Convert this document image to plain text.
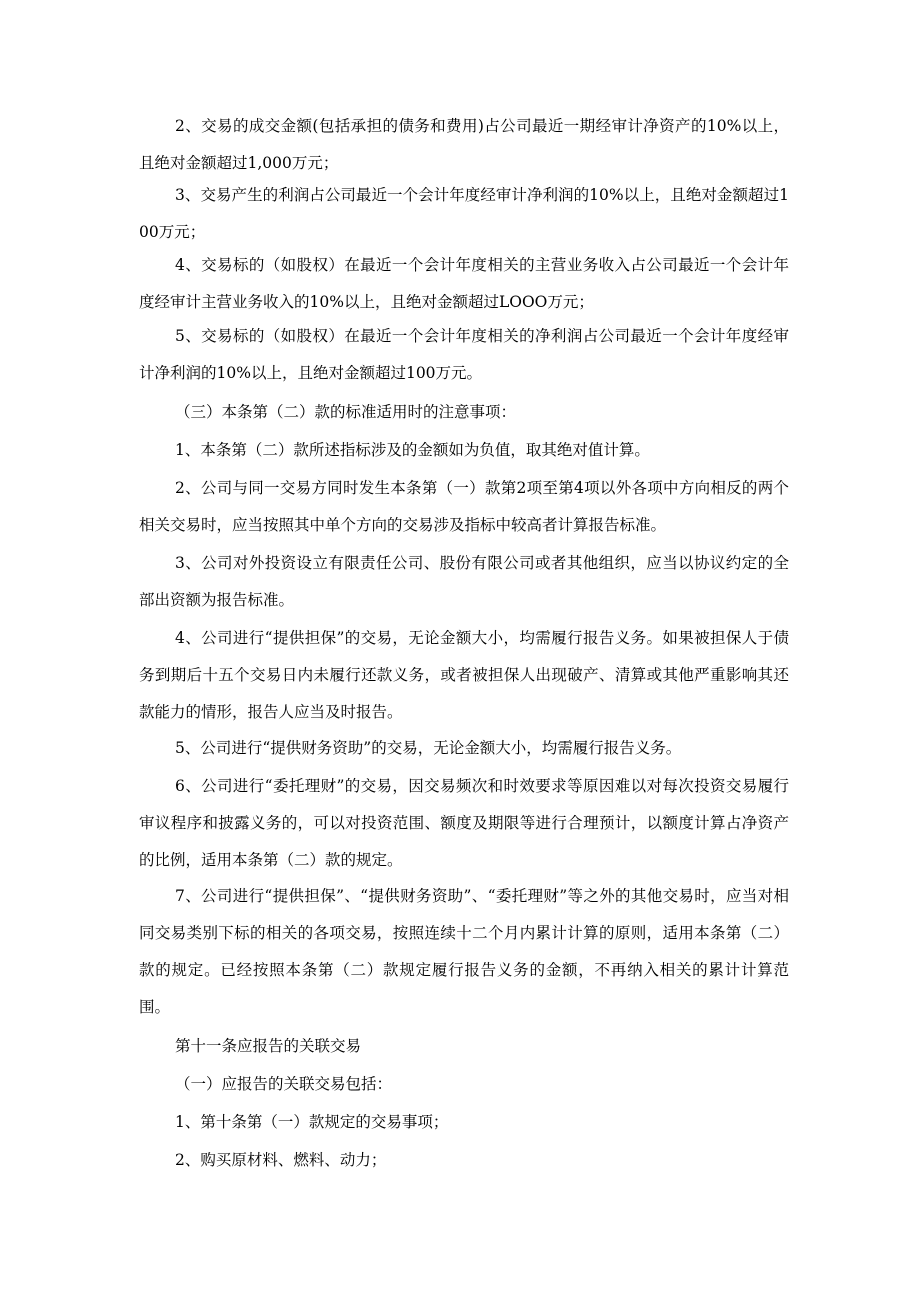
2、交易的成交金额(包括承担的债务和费用)占公司最近一期经审计净资产的10%以上，且绝对金额超过1,000万元；

3、交易产生的利润占公司最近一个会计年度经审计净利润的10%以上，且绝对金额超过100万元；

4、交易标的（如股权）在最近一个会计年度相关的主营业务收入占公司最近一个会计年度经审计主营业务收入的10%以上，且绝对金额超过LOOO万元；

5、交易标的（如股权）在最近一个会计年度相关的净利润占公司最近一个会计年度经审计净利润的10%以上，且绝对金额超过100万元。

（三）本条第（二）款的标准适用时的注意事项：

1、本条第（二）款所述指标涉及的金额如为负值，取其绝对值计算。

2、公司与同一交易方同时发生本条第（一）款第2项至第4项以外各项中方向相反的两个相关交易时，应当按照其中单个方向的交易涉及指标中较高者计算报告标准。

3、公司对外投资设立有限责任公司、股份有限公司或者其他组织，应当以协议约定的全部出资额为报告标准。

4、公司进行“提供担保”的交易，无论金额大小，均需履行报告义务。如果被担保人于债务到期后十五个交易日内未履行还款义务，或者被担保人出现破产、清算或其他严重影响其还款能力的情形，报告人应当及时报告。

5、公司进行“提供财务资助”的交易，无论金额大小，均需履行报告义务。

6、公司进行“委托理财”的交易，因交易频次和时效要求等原因难以对每次投资交易履行审议程序和披露义务的，可以对投资范围、额度及期限等进行合理预计，以额度计算占净资产的比例，适用本条第（二）款的规定。

7、公司进行“提供担保”、“提供财务资助”、“委托理财”等之外的其他交易时，应当对相同交易类别下标的相关的各项交易，按照连续十二个月内累计计算的原则，适用本条第（二）款的规定。已经按照本条第（二）款规定履行报告义务的金额，不再纳入相关的累计计算范围。

第十一条应报告的关联交易

（一）应报告的关联交易包括：

1、第十条第（一）款规定的交易事项；

2、购买原材料、燃料、动力；
